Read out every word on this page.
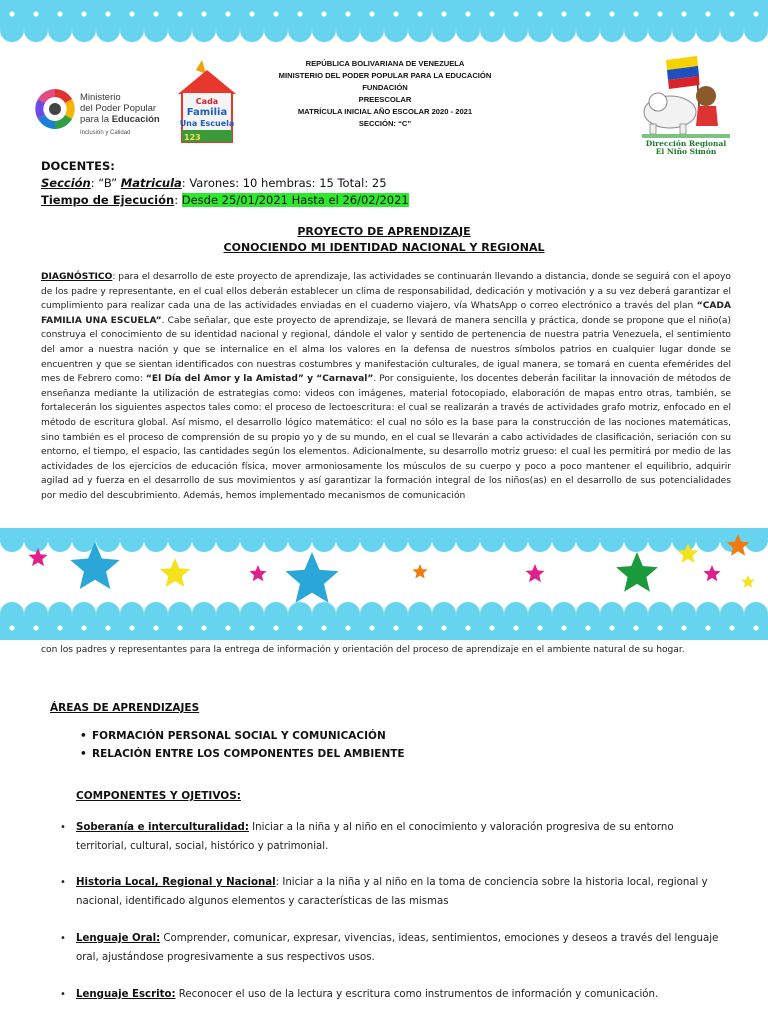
Ministerio
del Poder Popular
para la Educación
Inclusión y Calidad
Cada
Familia
Una Escuela
123
REPÚBLICA BOLIVARIANA DE VENEZUELA
MINISTERIO DEL PODER POPULAR PARA LA EDUCACIÓN
FUNDACIÓN
PREESCOLAR
MATRÍCULA INICIAL AÑO ESCOLAR 2020 - 2021
SECCIÓN: “C”
Dirección Regional
El Niño Simón
DOCENTES:
Sección: “B” Matricula: Varones: 10 hembras: 15 Total: 25
Tiempo de Ejecución: Desde 25/01/2021 Hasta el 26/02/2021
PROYECTO DE APRENDIZAJE
CONOCIENDO MI IDENTIDAD NACIONAL Y REGIONAL
DIAGNÓSTICO: para el desarrollo de este proyecto de aprendizaje, las actividades se continuarán llevando a distancia, donde se seguirá con el apoyo de los padre y representante, en el cual ellos deberán establecer un clima de responsabilidad, dedicación y motivación y a su vez deberá garantizar el cumplimiento para realizar cada una de las actividades enviadas en el cuaderno viajero, vía WhatsApp o correo electrónico a través del plan “CADA FAMILIA UNA ESCUELA”. Cabe señalar, que este proyecto de aprendizaje, se llevará de manera sencilla y práctica, donde se propone que el niño(a) construya el conocimiento de su identidad nacional y regional, dándole el valor y sentido de pertenencia de nuestra patria Venezuela, el sentimiento del amor a nuestra nación y que se internalice en el alma los valores en la defensa de nuestros símbolos patrios en cualquier lugar donde se encuentren y que se sientan identificados con nuestras costumbres y manifestación culturales, de igual manera, se tomará en cuenta efemérides del mes de Febrero como: “El Día del Amor y la Amistad” y “Carnaval”. Por consiguiente, los docentes deberán facilitar la innovación de métodos de enseñanza mediante la utilización de estrategias como: videos con imágenes, material fotocopiado, elaboración de mapas entro otras, también, se fortalecerán los siguientes aspectos tales como: el proceso de lectoescritura: el cual se realizarán a través de actividades grafo motriz, enfocado en el método de escritura global. Así mismo, el desarrollo lógico matemático: el cual no sólo es la base para la construcción de las nociones matemáticas, sino también es el proceso de comprensión de su propio yo y de su mundo, en el cual se llevarán a cabo actividades de clasificación, seriación con su entorno, el tiempo, el espacio, las cantidades según los elementos. Adicionalmente, su desarrollo motriz grueso: el cual les permitirá por medio de las actividades de los ejercicios de educación física, mover armoniosamente los músculos de su cuerpo y poco a poco mantener el equilibrio, adquirir agilad ad y fuerza en el desarrollo de sus movimientos y así garantizar la formación integral de los niños(as) en el desarrollo de sus potencialidades por medio del descubrimiento. Además, hemos implementado mecanismos de comunicación
con los padres y representantes para la entrega de información y orientación del proceso de aprendizaje en el ambiente natural de su hogar.
ÁREAS DE APRENDIZAJES
• FORMACIÓN PERSONAL SOCIAL Y COMUNICACIÓN
• RELACIÓN ENTRE LOS COMPONENTES DEL AMBIENTE
COMPONENTES Y OJETIVOS:
• Soberanía e interculturalidad: Iniciar a la niña y al niño en el conocimiento y valoración progresiva de su entorno territorial, cultural, social, histórico y patrimonial.
• Historia Local, Regional y Nacional: Iniciar a la niña y al niño en la toma de conciencia sobre la historia local, regional y nacional, identificado algunos elementos y características de las mismas
• Lenguaje Oral: Comprender, comunicar, expresar, vivencias, ideas, sentimientos, emociones y deseos a través del lenguaje oral, ajustándose progresivamente a sus respectivos usos.
• Lenguaje Escrito: Reconocer el uso de la lectura y escritura como instrumentos de información y comunicación.
